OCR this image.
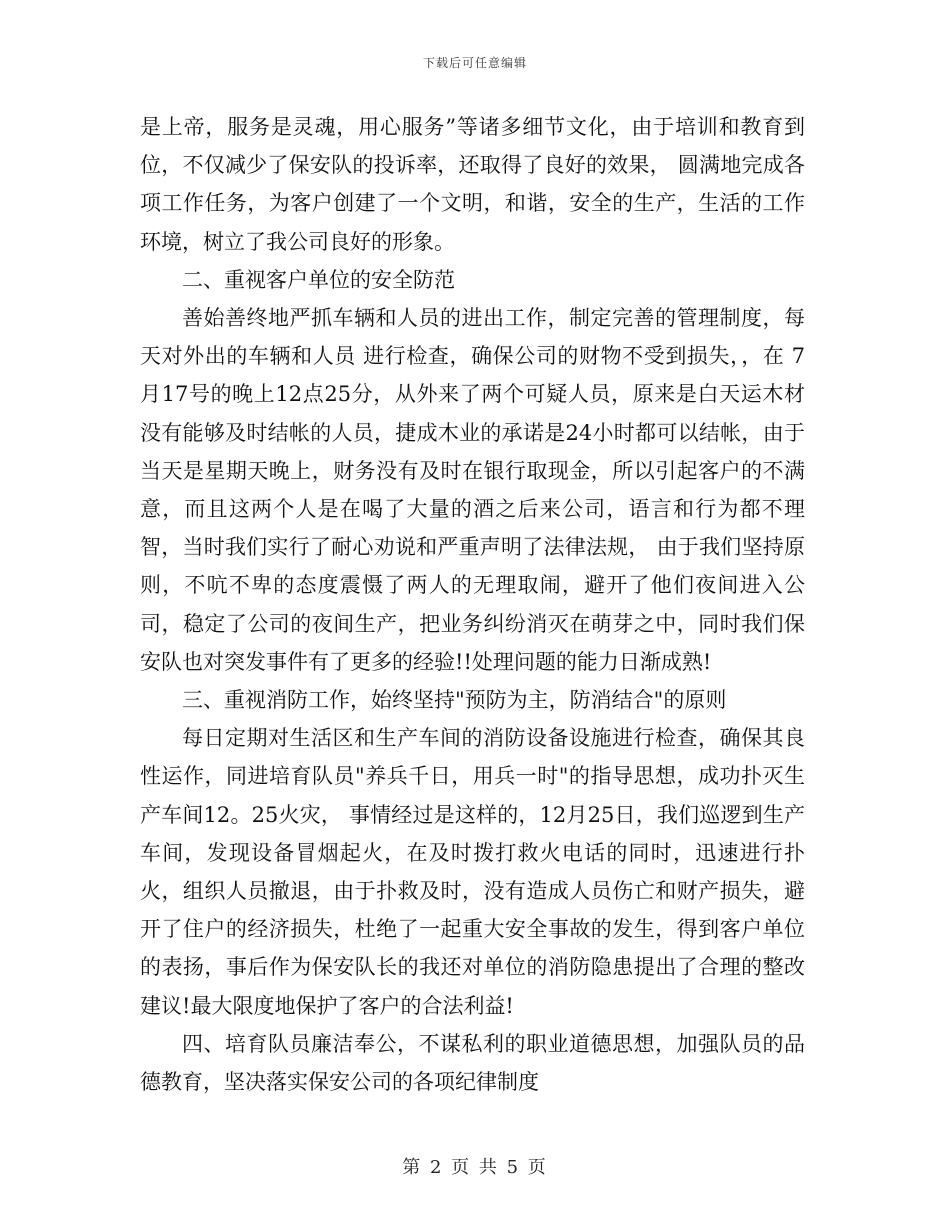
下载后可任意编辑

是上帝，服务是灵魂，用心服务”等诸多细节文化，由于培训和教育到位，不仅减少了保安队的投诉率，还取得了良好的效果， 圆满地完成各项工作任务，为客户创建了一个文明，和谐，安全的生产，生活的工作环境，树立了我公司良好的形象。

二、重视客户单位的安全防范

善始善终地严抓车辆和人员的进出工作，制定完善的管理制度，每天对外出的车辆和人员 进行检查，确保公司的财物不受到损失，，在 7月17号的晚上12点25分，从外来了两个可疑人员，原来是白天运木材没有能够及时结帐的人员，捷成木业的承诺是24小时都可以结帐，由于当天是星期天晚上，财务没有及时在银行取现金，所以引起客户的不满意，而且这两个人是在喝了大量的酒之后来公司，语言和行为都不理智，当时我们实行了耐心劝说和严重声明了法律法规， 由于我们坚持原则，不吭不卑的态度震慑了两人的无理取闹，避开了他们夜间进入公司，稳定了公司的夜间生产，把业务纠纷消灭在萌芽之中，同时我们保安队也对突发事件有了更多的经验!!处理问题的能力日渐成熟!

三、重视消防工作，始终坚持"预防为主，防消结合"的原则

每日定期对生活区和生产车间的消防设备设施进行检查，确保其良性运作，同进培育队员"养兵千日，用兵一时"的指导思想，成功扑灭生产车间12。25火灾， 事情经过是这样的，12月25日，我们巡逻到生产车间，发现设备冒烟起火，在及时拨打救火电话的同时，迅速进行扑火，组织人员撤退，由于扑救及时，没有造成人员伤亡和财产损失，避开了住户的经济损失，杜绝了一起重大安全事故的发生，得到客户单位的表扬，事后作为保安队长的我还对单位的消防隐患提出了合理的整改建议!最大限度地保护了客户的合法利益!

四、培育队员廉洁奉公，不谋私利的职业道德思想，加强队员的品德教育，坚决落实保安公司的各项纪律制度

第 2 页 共 5 页
